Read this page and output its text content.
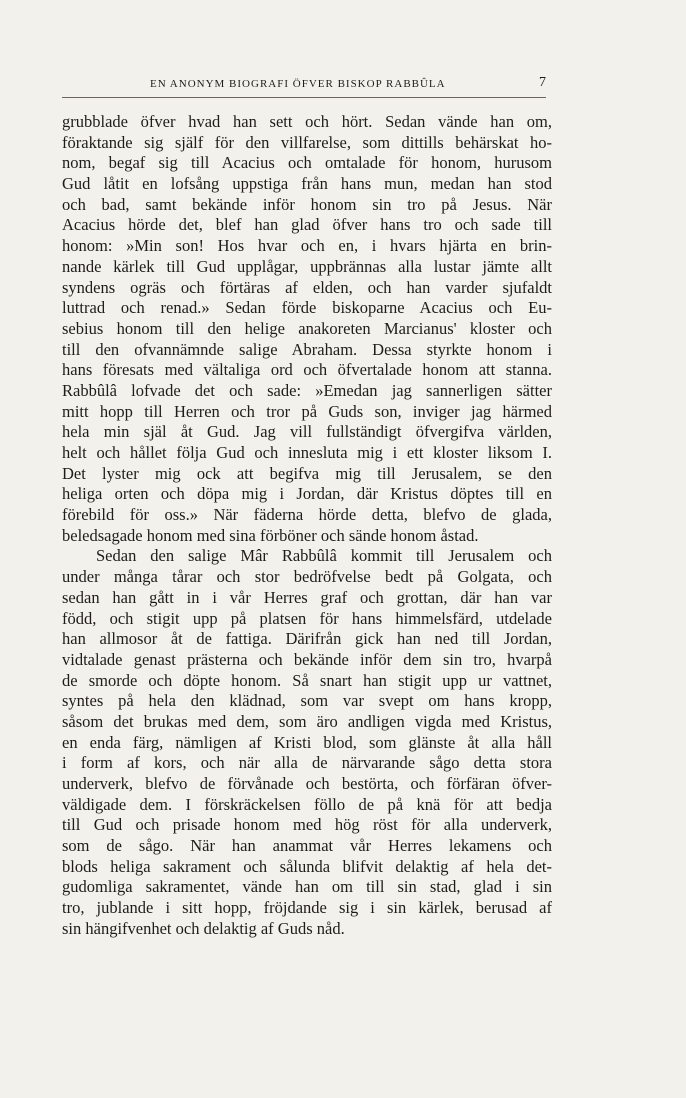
EN ANONYM BIOGRAFI ÖFVER BISKOP RABBÛLA	7
grubblade öfver hvad han sett och hört. Sedan vände han om,
föraktande sig själf för den villfarelse, som dittills behärskat ho-
nom, begaf sig till Acacius och omtalade för honom, hurusom
Gud låtit en lofsång uppstiga från hans mun, medan han stod
och bad, samt bekände inför honom sin tro på Jesus. När
Acacius hörde det, blef han glad öfver hans tro och sade till
honom: »Min son! Hos hvar och en, i hvars hjärta en brin-
nande kärlek till Gud upplågar, uppbrännas alla lustar jämte allt
syndens ogräs och förtäras af elden, och han varder sjufaldt
luttrad och renad.» Sedan förde biskoparne Acacius och Eu-
sebius honom till den helige anakoreten Marcianus' kloster och
till den ofvannämnde salige Abraham. Dessa styrkte honom i
hans föresats med vältaliga ord och öfvertalade honom att stanna.
Rabbûlâ lofvade det och sade: »Emedan jag sannerligen sätter
mitt hopp till Herren och tror på Guds son, inviger jag härmed
hela min själ åt Gud. Jag vill fullständigt öfvergifva världen,
helt och hållet följa Gud och innesluta mig i ett kloster liksom I.
Det lyster mig ock att begifva mig till Jerusalem, se den
heliga orten och döpa mig i Jordan, där Kristus döptes till en
förebild för oss.» När fäderna hörde detta, blefvo de glada,
beledsagade honom med sina förböner och sände honom åstad.
Sedan den salige Mâr Rabbûlâ kommit till Jerusalem och
under många tårar och stor bedröfvelse bedt på Golgata, och
sedan han gått in i vår Herres graf och grottan, där han var
född, och stigit upp på platsen för hans himmelsfärd, utdelade
han allmosor åt de fattiga. Därifrån gick han ned till Jordan,
vidtalade genast prästerna och bekände inför dem sin tro, hvarpå
de smorde och döpte honom. Så snart han stigit upp ur vattnet,
syntes på hela den klädnad, som var svept om hans kropp,
såsom det brukas med dem, som äro andligen vigda med Kristus,
en enda färg, nämligen af Kristi blod, som glänste åt alla håll
i form af kors, och när alla de närvarande sågo detta stora
underverk, blefvo de förvånade och bestörta, och förfäran öfver-
väldigade dem. I förskräckelsen föllo de på knä för att bedja
till Gud och prisade honom med hög röst för alla underverk,
som de sågo. När han anammat vår Herres lekamens och
blods heliga sakrament och sålunda blifvit delaktig af hela det-
gudomliga sakramentet, vände han om till sin stad, glad i sin
tro, jublande i sitt hopp, fröjdande sig i sin kärlek, berusad af
sin hängifvenhet och delaktig af Guds nåd.
